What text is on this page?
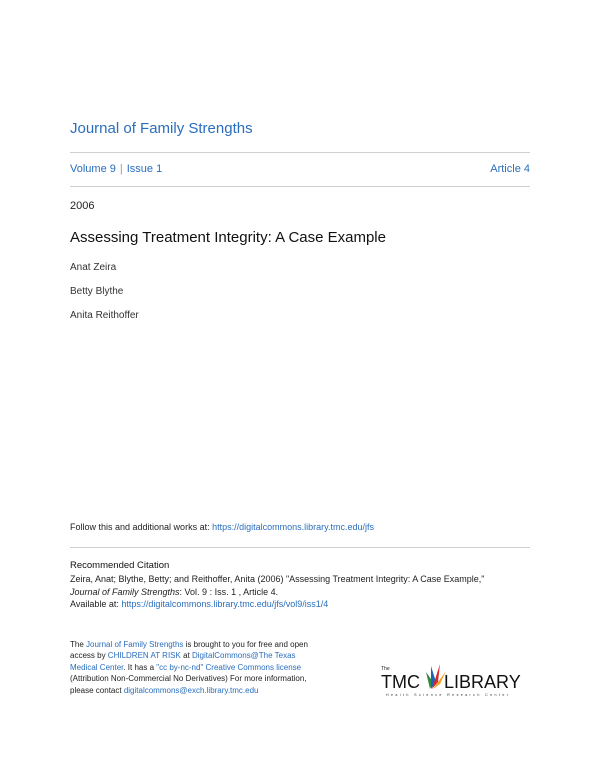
Journal of Family Strengths
Volume 9 | Issue 1	Article 4
2006
Assessing Treatment Integrity: A Case Example
Anat Zeira
Betty Blythe
Anita Reithoffer
Follow this and additional works at: https://digitalcommons.library.tmc.edu/jfs
Recommended Citation
Zeira, Anat; Blythe, Betty; and Reithoffer, Anita (2006) "Assessing Treatment Integrity: A Case Example,"
Journal of Family Strengths: Vol. 9 : Iss. 1 , Article 4.
Available at: https://digitalcommons.library.tmc.edu/jfs/vol9/iss1/4
The Journal of Family Strengths is brought to you for free and open access by CHILDREN AT RISK at DigitalCommons@The Texas Medical Center. It has a "cc by-nc-nd" Creative Commons license (Attribution Non-Commercial No Derivatives) For more information, please contact digitalcommons@exch.library.tmc.edu
The
TMC LIBRARY
Health Science Research Center
